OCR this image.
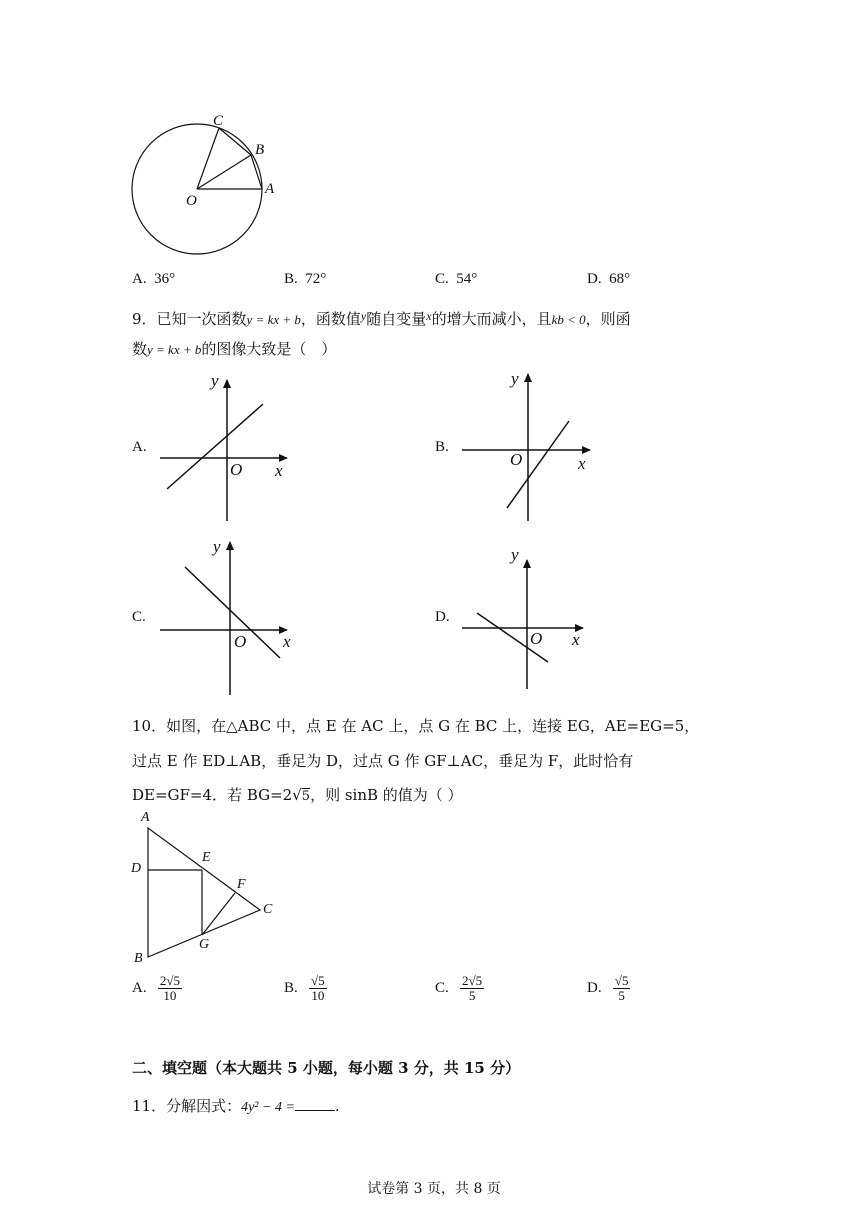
C
B
O
A
A. 36°	B. 72°	C. 54°	D. 68°
9．已知一次函数y = kx + b，函数值$^y$随自变量$^x$的增大而减小，且kb < 0，则函
数y = kx + b的图像大致是（　）
A.	B.
C.	D.
y
O x
y
O	x
y
O x
y
O x
10．如图，在△ABC 中，点 E 在 AC 上，点 G 在 BC 上，连接 EG，AE=EG=5，
过点 E 作 ED⊥AB，垂足为 D，过点 G 作 GF⊥AC，垂足为 F，此时恰有
DE=GF=4．若 BG=2√5，则 sinB 的值为（ ）
A
D
E
F
C
G
B
A. $\frac{2√5}{10}$	B. $\frac{√5}{10}$	C. $\frac{2√5}{5}$	D. $\frac{√5}{5}$
二、填空题（本大题共 5 小题，每小题 3 分，共 15 分）
11．分解因式：4y² − 4 =	.
试卷第 3 页，共 8 页
